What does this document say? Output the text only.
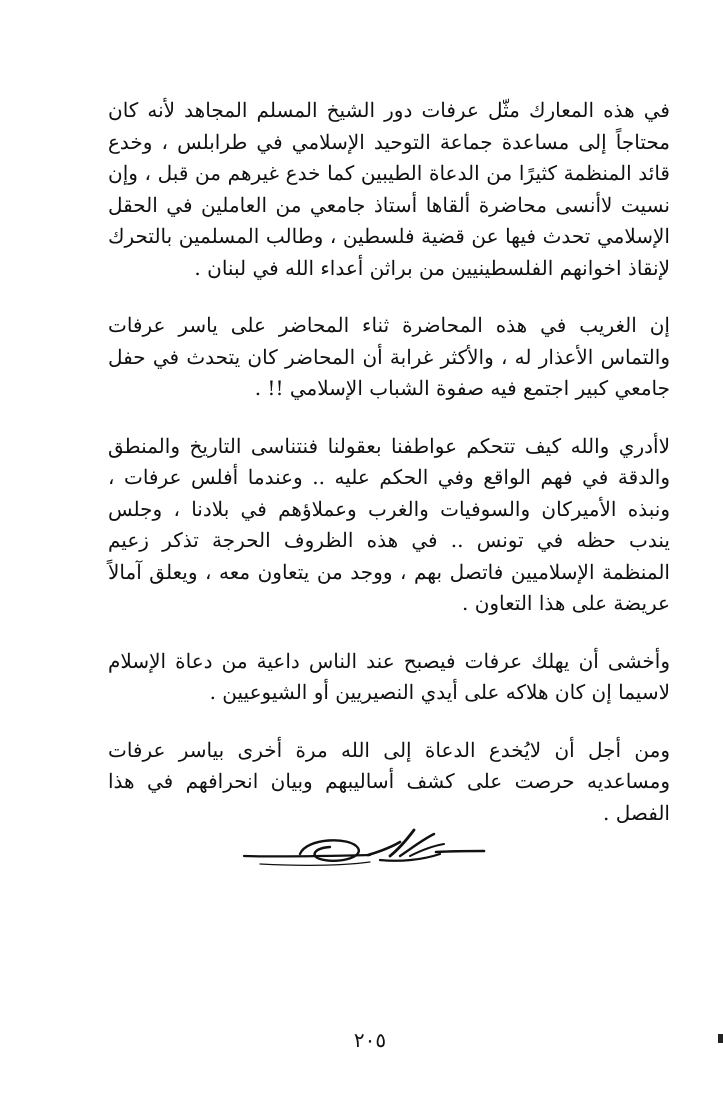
في هذه المعارك مثّل عرفات دور الشيخ المسلم المجاهد لأنه كان محتاجاً إلى مساعدة جماعة التوحيد الإسلامي في طرابلس ، وخدع قائد المنظمة كثيرًا من الدعاة الطيبين كما خدع غيرهم من قبل ، وإن نسيت لاأنسى محاضرة ألقاها أستاذ جامعي من العاملين في الحقل الإسلامي تحدث فيها عن قضية فلسطين ، وطالب المسلمين بالتحرك لإنقاذ اخوانهم الفلسطينيين من براثن أعداء الله في لبنان .

إن الغريب في هذه المحاضرة ثناء المحاضر على ياسر عرفات والتماس الأعذار له ، والأكثر غرابة أن المحاضر كان يتحدث في حفل جامعي كبير اجتمع فيه صفوة الشباب الإسلامي !! .

لاأدري والله كيف تتحكم عواطفنا بعقولنا فنتناسى التاريخ والمنطق والدقة في فهم الواقع وفي الحكم عليه .. وعندما أفلس عرفات ، ونبذه الأميركان والسوفيات والغرب وعملاؤهم في بلادنا ، وجلس يندب حظه في تونس .. في هذه الظروف الحرجة تذكر زعيم المنظمة الإسلاميين فاتصل بهم ، ووجد من يتعاون معه ، ويعلق آمالاً عريضة على هذا التعاون .

وأخشى أن يهلك عرفات فيصبح عند الناس داعية من دعاة الإسلام لاسيما إن كان هلاكه على أيدي النصيريين أو الشيوعيين .

ومن أجل أن لايُخدع الدعاة إلى الله مرة أخرى بياسر عرفات ومساعديه حرصت على كشف أساليبهم وبيان انحرافهم في هذا الفصل .

٢٠٥
